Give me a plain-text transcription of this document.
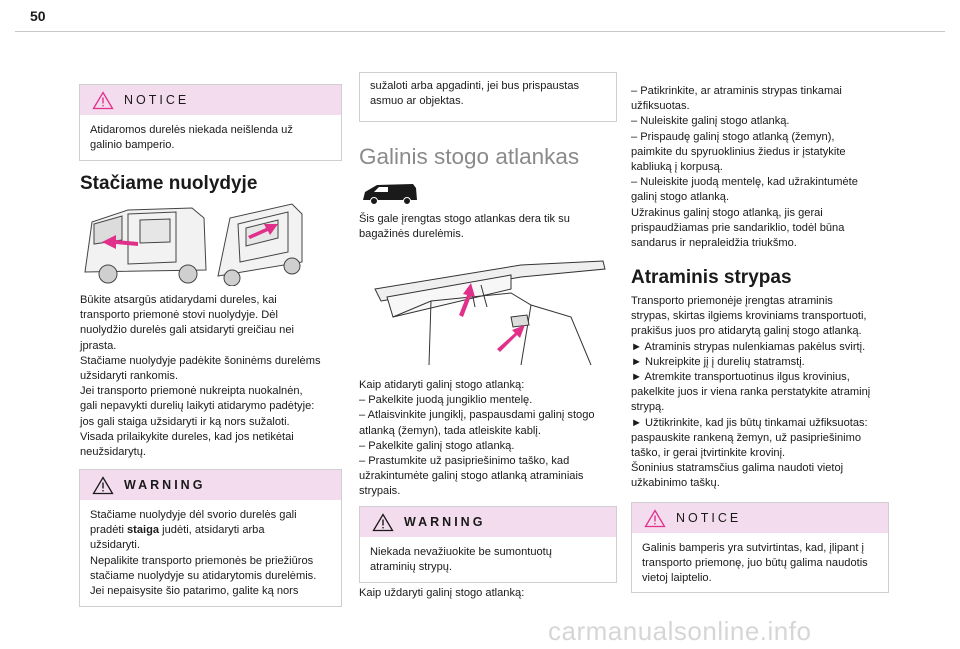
50
NOTICE
Atidaromos durelės niekada neišlenda už
galinio bamperio.
Stačiame nuolydyje
Būkite atsargūs atidarydami dureles, kai
transporto priemonė stovi nuolydyje. Dėl
nuolydžio durelės gali atsidaryti greičiau nei
jprasta.
Stačiame nuolydyje padėkite šoninėms durelėms
užsidaryti rankomis.
Jei transporto priemonė nukreipta nuokalnėn,
gali nepavykti durelių laikyti atidarymo padėtyje:
jos gali staiga užsidaryti ir ką nors sužaloti.
Visada prilaikykite dureles, kad jos netikėtai
neužsidarytų.
WARNING
Stačiame nuolydyje dėl svorio durelės gali
pradėti staiga judėti, atsidaryti arba
užsidaryti.
Nepalikite transporto priemonės be priežiūros
stačiame nuolydyje su atidarytomis durelėmis.
Jei nepaisysite šio patarimo, galite ką nors
sužaloti arba apgadinti, jei bus prispaustas
asmuo ar objektas.
Galinis stogo atlankas
Šis gale įrengtas stogo atlankas dera tik su
bagažinės durelėmis.
Kaip atidaryti galinį stogo atlanką:
– Pakelkite juodą jungiklio mentelę.
– Atlaisvinkite jungiklį, paspausdami galinį stogo
atlanką (žemyn), tada atleiskite kablį.
– Pakelkite galinį stogo atlanką.
– Prastumkite už pasipriešinimo taško, kad
užrakintumėte galinį stogo atlanką atraminiais
strypais.
WARNING
Niekada nevažiuokite be sumontuotų
atraminių strypų.
Kaip uždaryti galinį stogo atlanką:
– Patikrinkite, ar atraminis strypas tinkamai
užfiksuotas.
– Nuleiskite galinį stogo atlanką.
– Prispaudę galinį stogo atlanką (žemyn),
paimkite du spyruoklinius žiedus ir įstatykite
kabliuką į korpusą.
– Nuleiskite juodą mentelę, kad užrakintumėte
galinį stogo atlanką.
Užrakinus galinį stogo atlanką, jis gerai
prispaudžiamas prie sandariklio, todėl būna
sandarus ir nepraleidžia triukšmo.
Atraminis strypas
Transporto priemonėje įrengtas atraminis
strypas, skirtas ilgiems kroviniams transportuoti,
prakišus juos pro atidarytą galinį stogo atlanką.
► Atraminis strypas nulenkiamas pakėlus svirtį.
► Nukreipkite jį į durelių statramstį.
► Atremkite transportuotinus ilgus krovinius,
pakelkite juos ir viena ranka perstatykite atraminį
strypą.
► Užtikrinkite, kad jis būtų tinkamai užfiksuotas:
paspauskite rankeną žemyn, už pasipriešinimo
taško, ir gerai įtvirtinkite krovinį.
Šoninius statramsčius galima naudoti vietoj
užkabinimo taškų.
NOTICE
Galinis bamperis yra sutvirtintas, kad, įlipant į
transporto priemonę, juo būtų galima naudotis
vietoj laiptelio.
carmanualsonline.info
